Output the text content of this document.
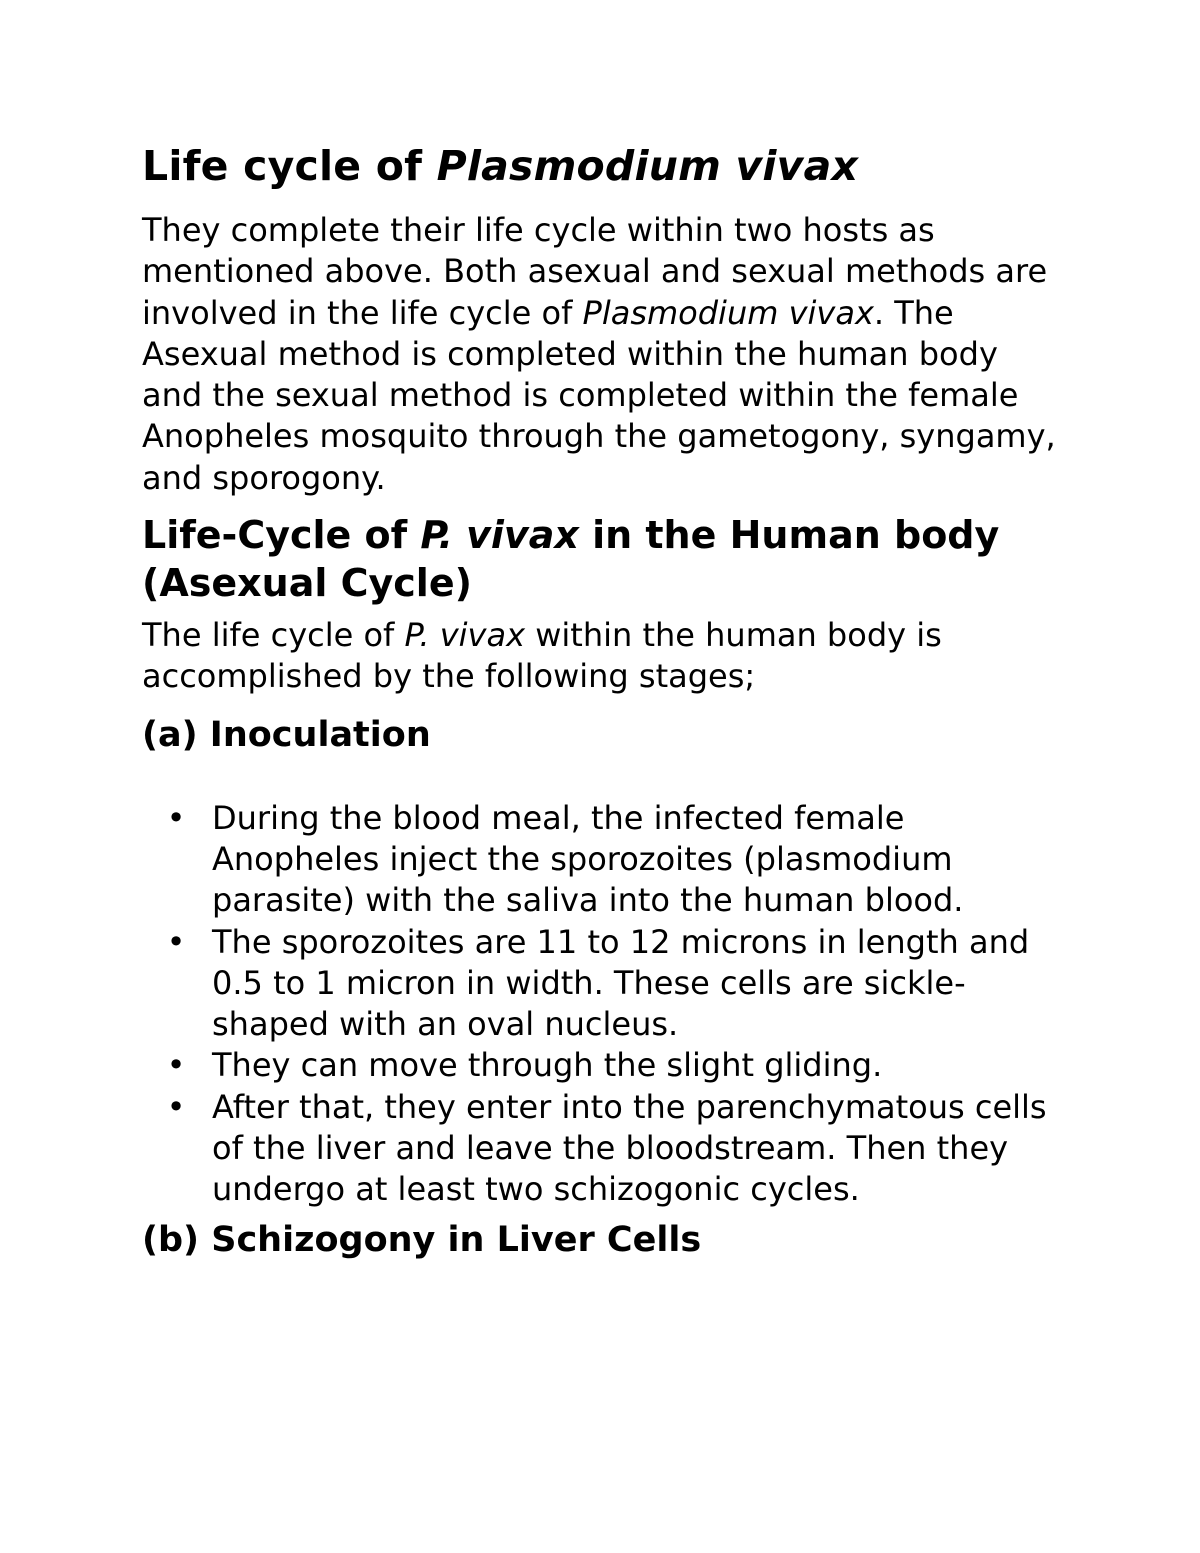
Life cycle of Plasmodium vivax

They complete their life cycle within two hosts as mentioned above. Both asexual and sexual methods are involved in the life cycle of Plasmodium vivax. The Asexual method is completed within the human body and the sexual method is completed within the female Anopheles mosquito through the gametogony, syngamy, and sporogony.

Life-Cycle of P. vivax in the Human body (Asexual Cycle)

The life cycle of P. vivax within the human body is accomplished by the following stages;

(a) Inoculation
• During the blood meal, the infected female Anopheles inject the sporozoites (plasmodium parasite) with the saliva into the human blood.
• The sporozoites are 11 to 12 microns in length and 0.5 to 1 micron in width. These cells are sickle-shaped with an oval nucleus.
• They can move through the slight gliding.
• After that, they enter into the parenchymatous cells of the liver and leave the bloodstream. Then they undergo at least two schizogonic cycles.
(b) Schizogony in Liver Cells
